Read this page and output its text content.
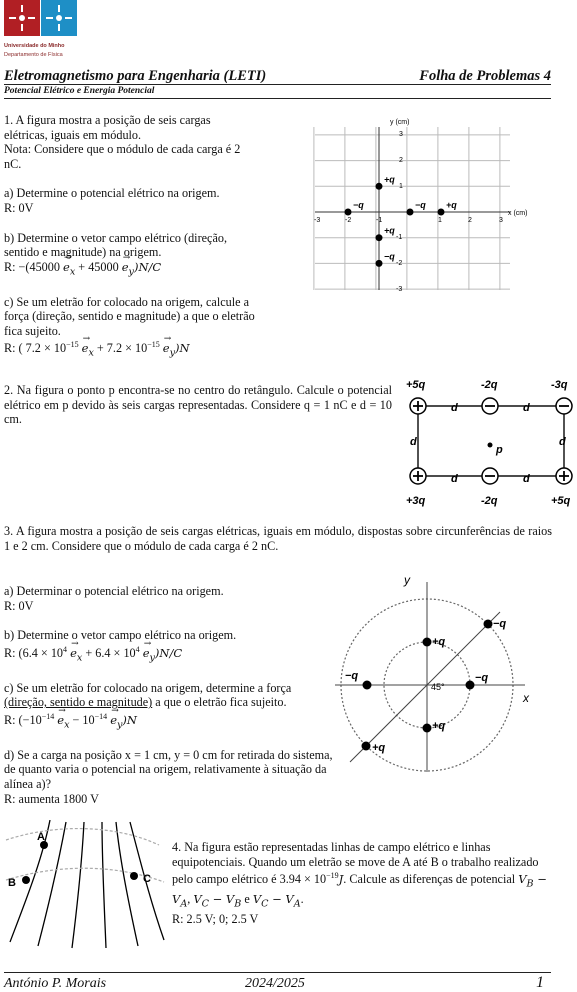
Universidade do Minho
Departamento de Física
Eletromagnetismo para Engenharia (LETI)	Folha de Problemas 4
Potencial Elétrico e Energia Potencial
1. A figura mostra a posição de seis cargas elétricas, iguais em módulo.
Nota: Considere que o módulo de cada carga é 2 nC.
a) Determine o potencial elétrico na origem.
R: 0V
b) Determine o vetor campo elétrico (direção, sentido e magnitude) na origem.
R: $-(45000 \to e_x + 45000 \to e_y)N/C$
c) Se um eletrão for colocado na origem, calcule a força (direção, sentido e magnitude) a que o eletrão fica sujeito.
R: ( $7.2 \times 10^{-15} \to e_x + 7.2 \times 10^{-15} \to e_y)N$
y (cm)
x (cm)
-3	-2	-1	1	2	3
3
2
1
-1
-2
-3
+q
−q	−q +q
+q
−q
2. Na figura o ponto p encontra-se no centro do retângulo. Calcule o potencial elétrico em p devido às seis cargas representadas. Considere q = 1 nC e d = 10 cm.
+5q	-2q	-3q
+3q	-2q	+5q
d	d
d	d
d	d
p
3. A figura mostra a posição de seis cargas elétricas, iguais em módulo, dispostas sobre circunferências de raios 1 e 2 cm. Considere que o módulo de cada carga é 2 nC.
a) Determinar o potencial elétrico na origem.
R: 0V
b) Determine o vetor campo elétrico na origem.
R: $(6.4 \times 10^4 \to e_x + 6.4 \times 10^4 \to e_y)N/C$
c) Se um eletrão for colocado na origem, determine a força (direção, sentido e magnitude) a que o eletrão fica sujeito.
R: $(-10^{-14} \to e_x - 10^{-14} \to e_y)N$
d) Se a carga na posição x = 1 cm, y = 0 cm for retirada do sistema, de quanto varia o potencial na origem, relativamente à situação da alínea a)?
R: aumenta 1800 V
x
y
45°
+q
−q	−q
−q
+q
+q
A
B	C
4. Na figura estão representadas linhas de campo elétrico e linhas equipotenciais. Quando um eletrão se move de A até B o trabalho realizado pelo campo elétrico é $3.94 \times 10^{-19}J$. Calcule as diferenças de potencial $V_B - V_A$, $V_C - V_B$ e $V_C - V_A$.
R: 2.5 V; 0; 2.5 V
António P. Morais	2024/2025	1
